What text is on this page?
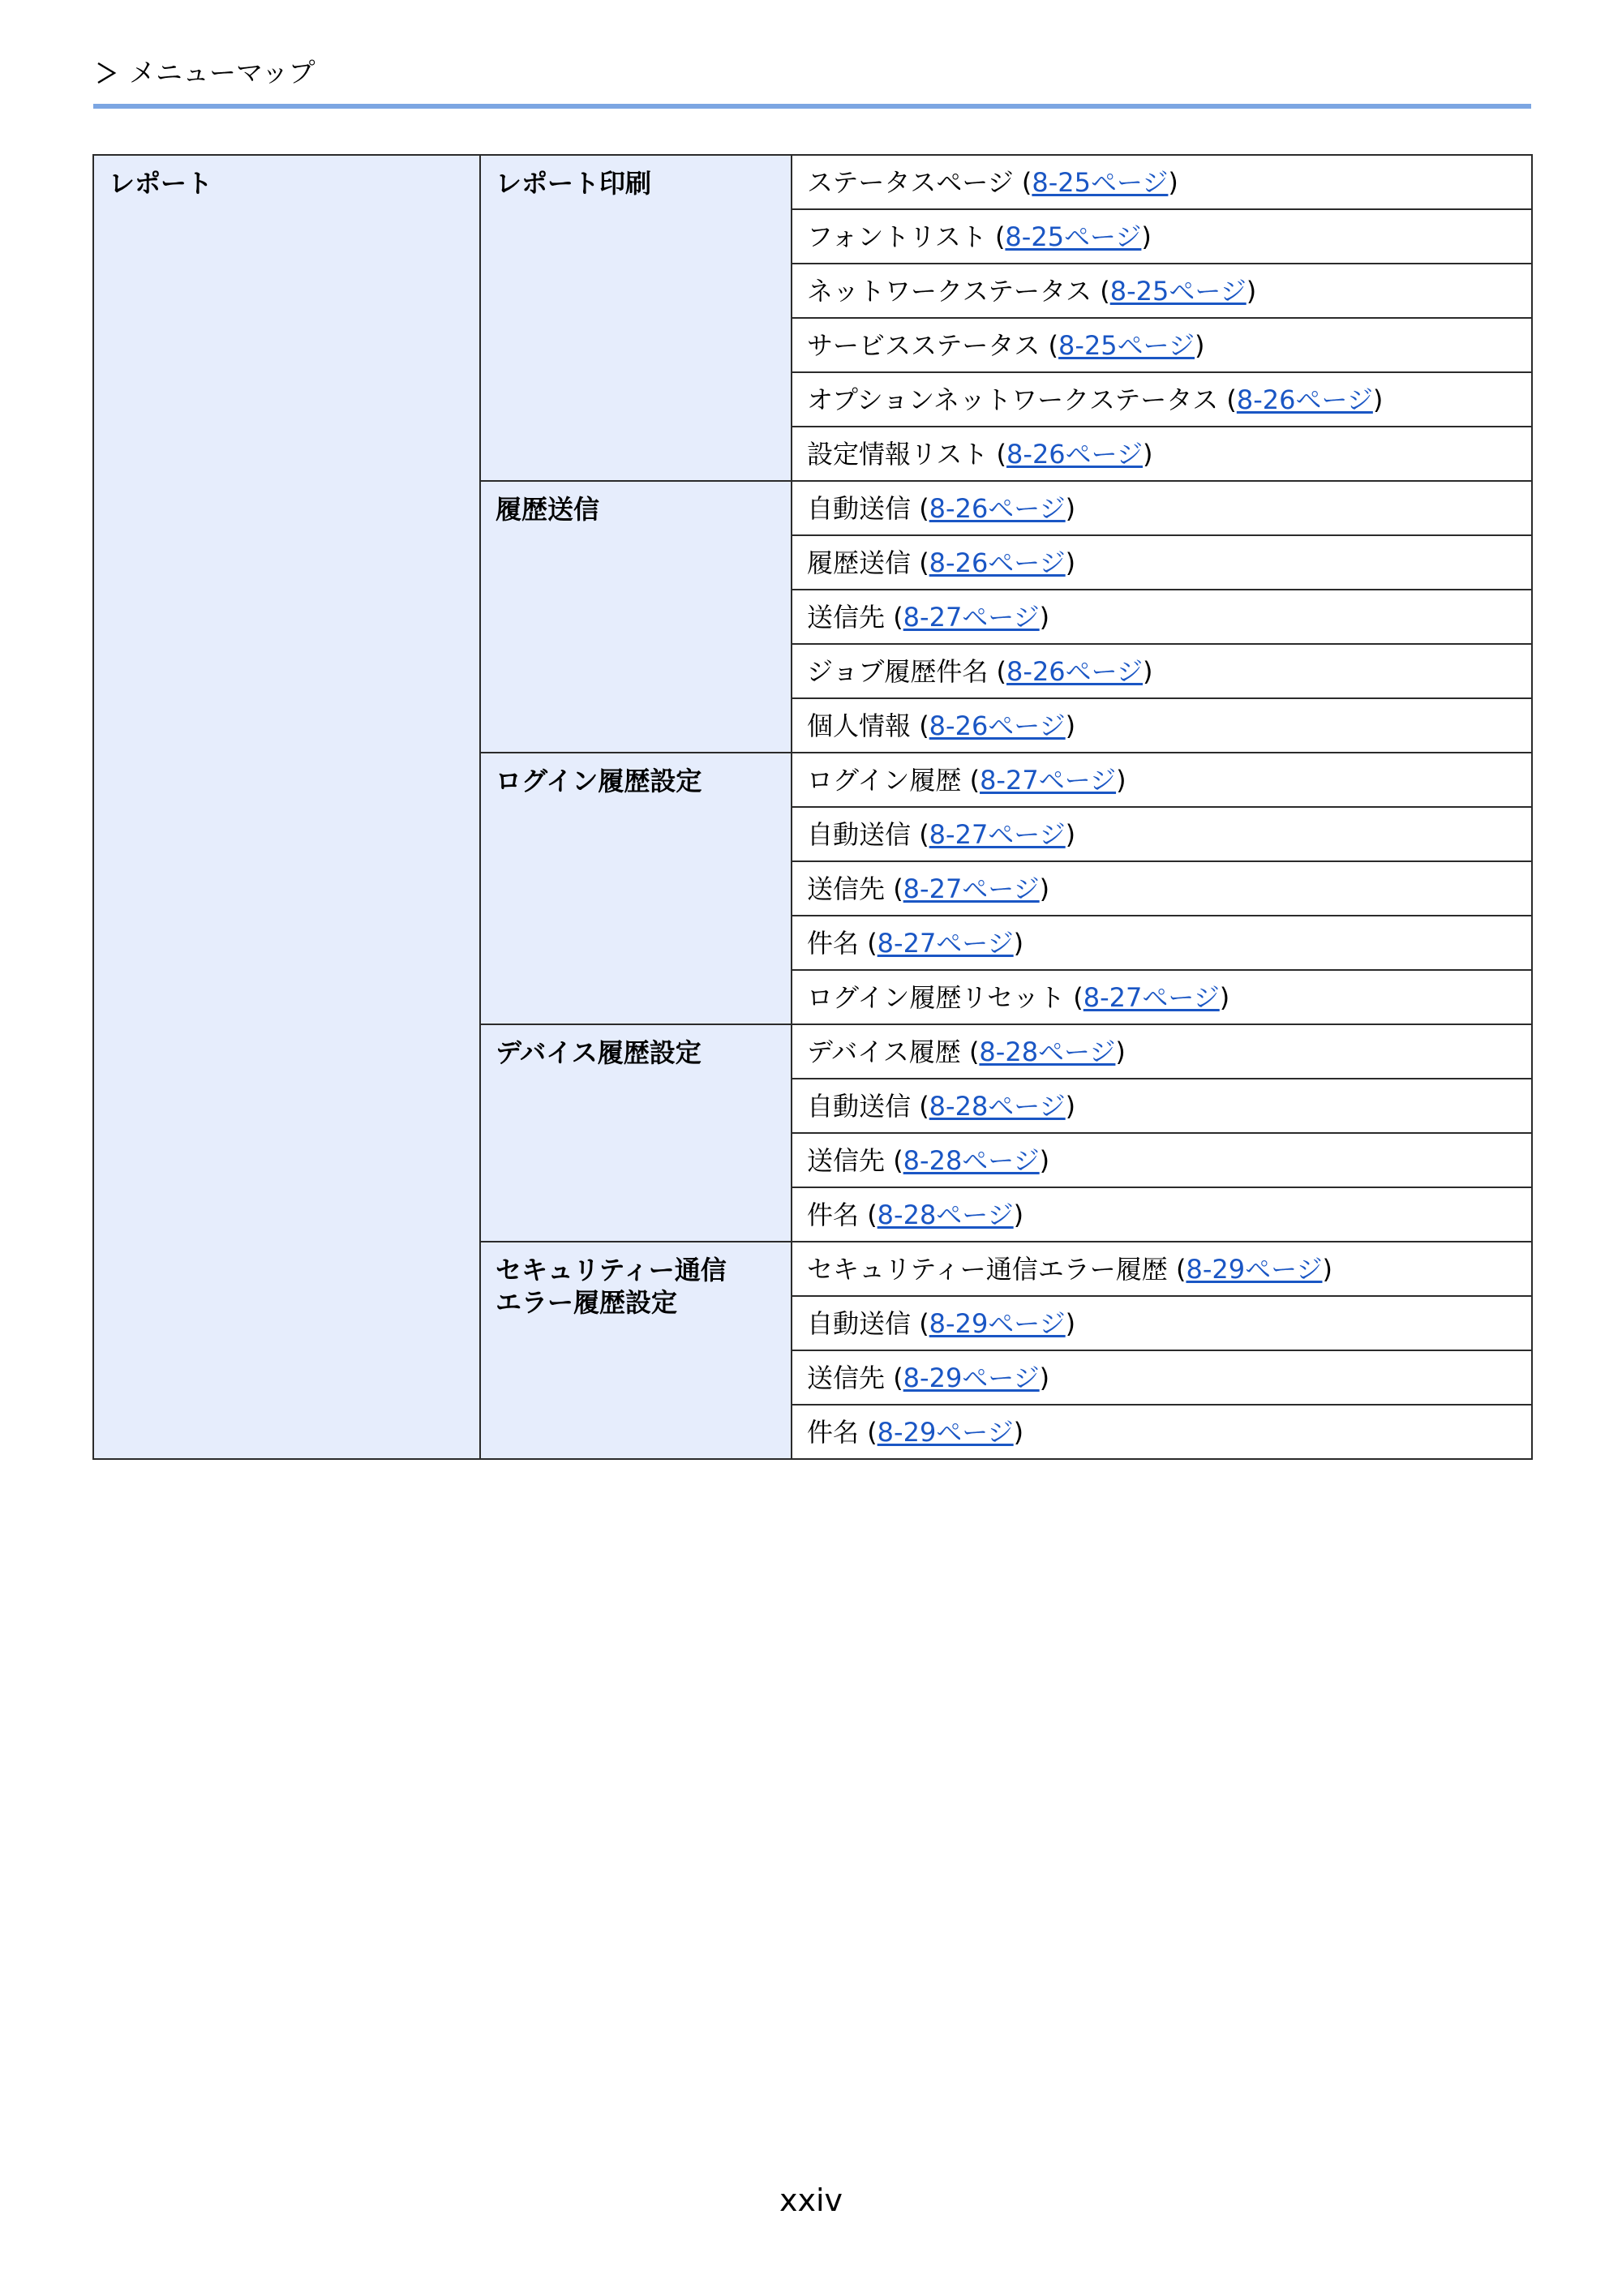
メニューマップ
レポート	レポート印刷	ステータスページ (8-25ページ)
		フォントリスト (8-25ページ)
		ネットワークステータス (8-25ページ)
		サービスステータス (8-25ページ)
		オプションネットワークステータス (8-26ページ)
		設定情報リスト (8-26ページ)
	履歴送信	自動送信 (8-26ページ)
		履歴送信 (8-26ページ)
		送信先 (8-27ページ)
		ジョブ履歴件名 (8-26ページ)
		個人情報 (8-26ページ)
	ログイン履歴設定	ログイン履歴 (8-27ページ)
		自動送信 (8-27ページ)
		送信先 (8-27ページ)
		件名 (8-27ページ)
		ログイン履歴リセット (8-27ページ)
	デバイス履歴設定	デバイス履歴 (8-28ページ)
		自動送信 (8-28ページ)
		送信先 (8-28ページ)
		件名 (8-28ページ)
	セキュリティー通信
エラー履歴設定	セキュリティー通信エラー履歴 (8-29ページ)
		自動送信 (8-29ページ)
		送信先 (8-29ページ)
		件名 (8-29ページ)
xxiv
